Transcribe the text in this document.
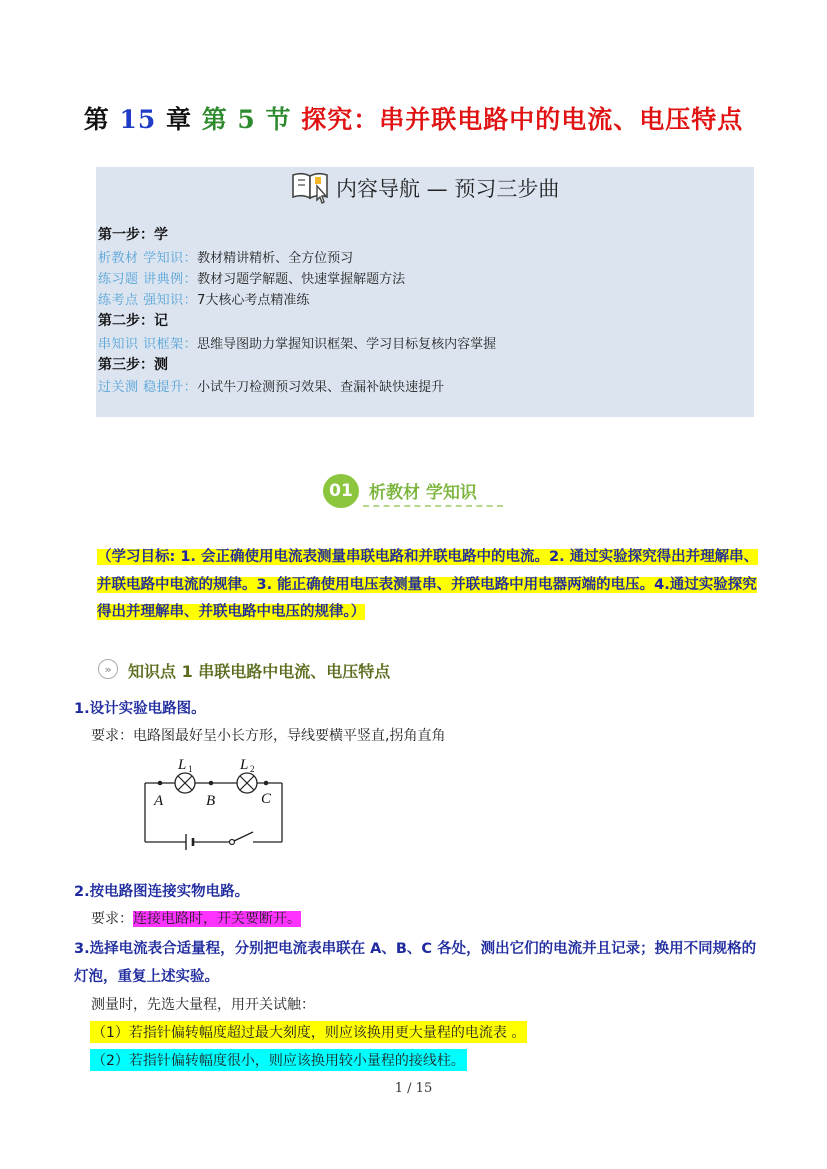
第 15 章 第 5 节 探究：串并联电路中的电流、电压特点
内容导航 — 预习三步曲
第一步：学
析教材 学知识：教材精讲精析、全方位预习
练习题 讲典例：教材习题学解题、快速掌握解题方法
练考点 强知识：7大核心考点精准练
第二步：记
串知识 识框架：思维导图助力掌握知识框架、学习目标复核内容掌握
第三步：测
过关测 稳提升：小试牛刀检测预习效果、查漏补缺快速提升
01 析教材 学知识
（学习目标: 1. 会正确使用电流表测量串联电路和并联电路中的电流。2. 通过实验探究得出并理解串、
并联电路中电流的规律。3. 能正确使用电压表测量串、并联电路中用电器两端的电压。4.通过实验探究
得出并理解串、并联电路中电压的规律。）
»	知识点 1 串联电路中电流、电压特点
1.设计实验电路图。
要求：电路图最好呈小长方形，导线要横平竖直,拐角直角
L 1	L 2
A	B	C
2.按电路图连接实物电路。
要求：连接电路时，开关要断开。
3.选择电流表合适量程，分别把电流表串联在 A、B、C 各处，测出它们的电流并且记录；换用不同规格的
灯泡，重复上述实验。
测量时，先选大量程，用开关试触：
（1）若指针偏转幅度超过最大刻度，则应该换用更大量程的电流表 。
（2）若指针偏转幅度很小，则应该换用较小量程的接线柱。
1 / 15
